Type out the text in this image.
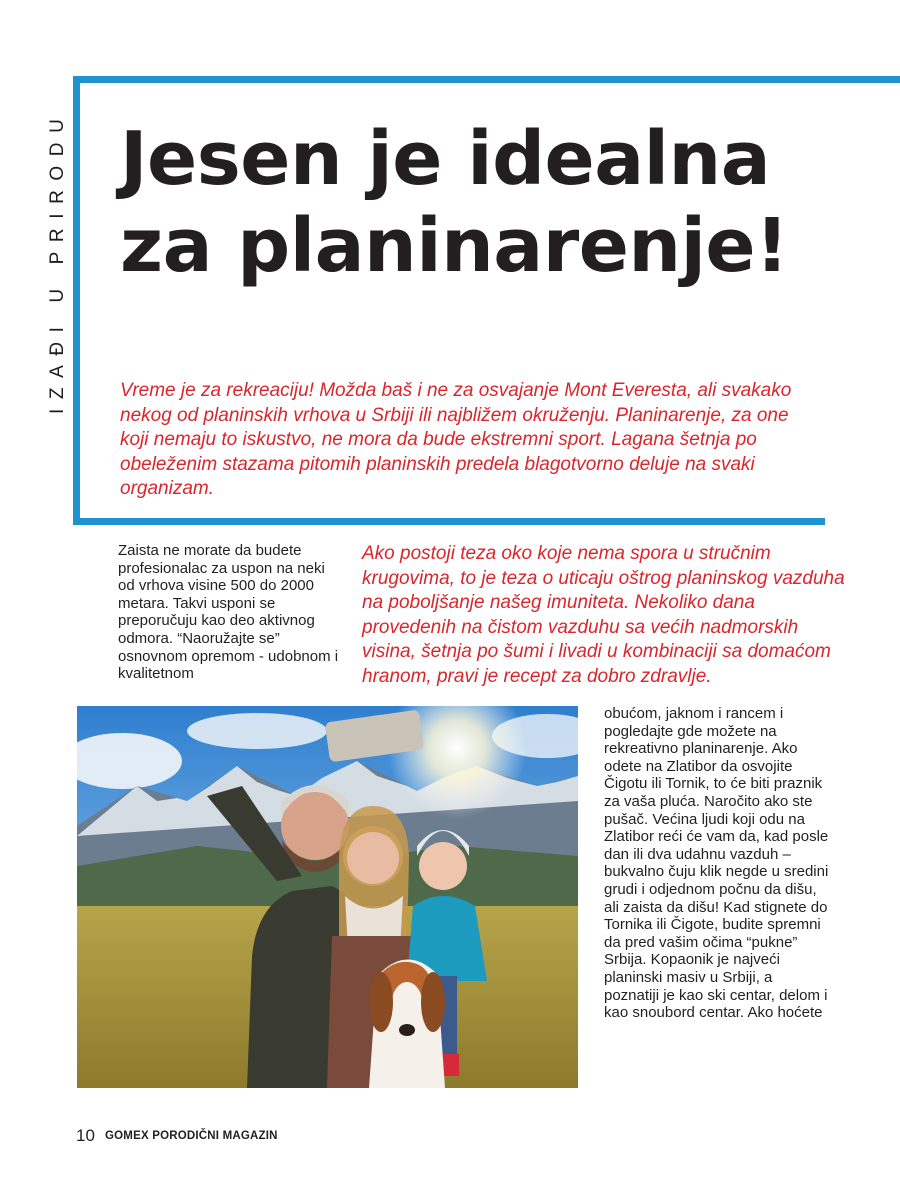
IZAĐI U PRIRODU Jesen je idealna za planinarenje!

Vreme je za rekreaciju! Možda baš i ne za osvajanje Mont Everesta, ali svakako nekog od planinskih vrhova u Srbiji ili najbližem okruženju. Planinarenje, za one koji nemaju to iskustvo, ne mora da bude ekstremni sport. Lagana šetnja po obeleženim stazama pitomih planinskih predela blagotvorno deluje na svaki organizam.

Zaista ne morate da budete profesionalac za uspon na neki od vrhova visine 500 do 2000 metara. Takvi usponi se preporučuju kao deo aktivnog odmora. “Naoružajte se” osnovnom opremom - udobnom i kvalitetnom

Ako postoji teza oko koje nema spora u stručnim krugovima, to je teza o uticaju oštrog planinskog vazduha na poboljšanje našeg imuniteta. Nekoliko dana provedenih na čistom vazduhu sa većih nadmorskih visina, šetnja po šumi i livadi u kombinaciji sa domaćom hranom, pravi je recept za dobro zdravlje.

obućom, jaknom i rancem i pogledajte gde možete na rekreativno planinarenje. Ako odete na Zlatibor da osvojite Čigotu ili Tornik, to će biti praznik za vaša pluća. Naročito ako ste pušač. Većina ljudi koji odu na Zlatibor reći će vam da, kad posle dan ili dva udahnu vazduh – bukvalno čuju klik negde u sredini grudi i odjednom počnu da dišu, ali zaista da dišu! Kad stignete do Tornika ili Čigote, budite spremni da pred vašim očima “pukne” Srbija. Kopaonik je najveći planinski masiv u Srbiji, a poznatiji je kao ski centar, delom i kao snoubord centar. Ako hoćete

10 GOMEX PORODIČNI MAGAZIN
